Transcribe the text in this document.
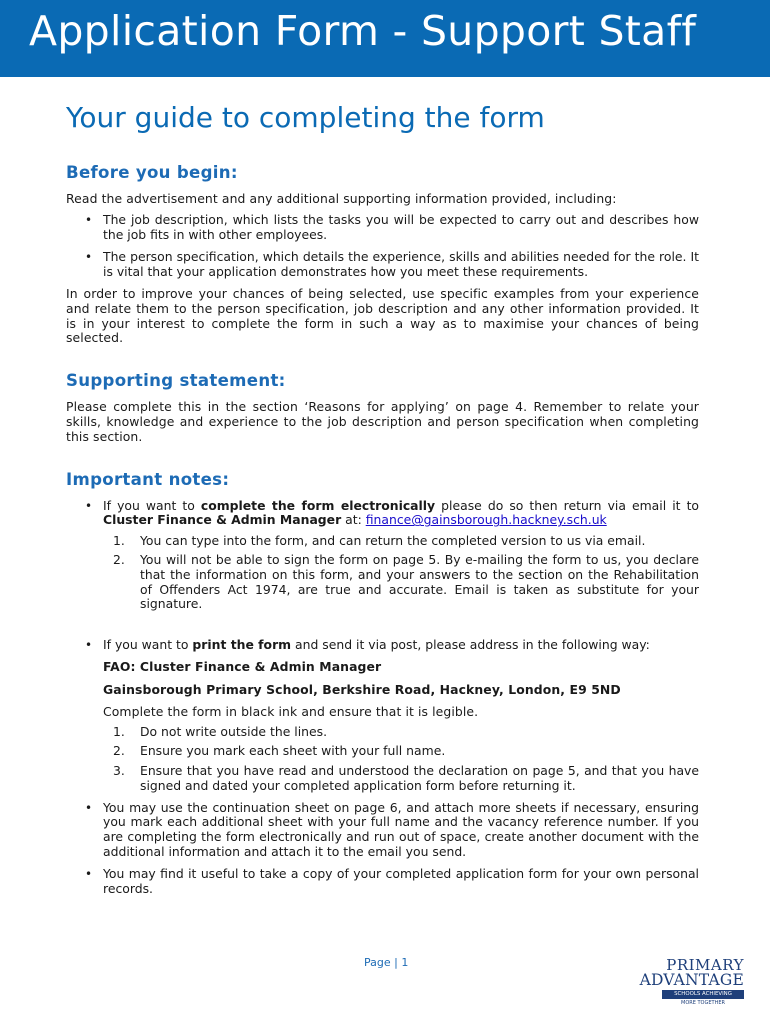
Application Form - Support Staff
Your guide to completing the form
Before you begin:

Read the advertisement and any additional supporting information provided, including:

• The job description, which lists the tasks you will be expected to carry out and describes how the job fits in with other employees.
• The person specification, which details the experience, skills and abilities needed for the role. It is vital that your application demonstrates how you meet these requirements.

In order to improve your chances of being selected, use specific examples from your experience and relate them to the person specification, job description and any other information provided. It is in your interest to complete the form in such a way as to maximise your chances of being selected.

Supporting statement:

Please complete this in the section ‘Reasons for applying’ on page 4. Remember to relate your skills, knowledge and experience to the job description and person specification when completing this section.

Important notes:
• If you want to complete the form electronically please do so then return via email it to Cluster Finance & Admin Manager at: finance@gainsborough.hackney.sch.uk
1. You can type into the form, and can return the completed version to us via email.
2. You will not be able to sign the form on page 5. By e-mailing the form to us, you declare that the information on this form, and your answers to the section on the Rehabilitation of Offenders Act 1974, are true and accurate. Email is taken as substitute for your signature.
• If you want to print the form and send it via post, please address in the following way:

FAO: Cluster Finance & Admin Manager

Gainsborough Primary School, Berkshire Road, Hackney, London, E9 5ND

Complete the form in black ink and ensure that it is legible.

1. Do not write outside the lines.
2. Ensure you mark each sheet with your full name.
3. Ensure that you have read and understood the declaration on page 5, and that you have signed and dated your completed application form before returning it.
• You may use the continuation sheet on page 6, and attach more sheets if necessary, ensuring you mark each additional sheet with your full name and the vacancy reference number. If you are completing the form electronically and run out of space, create another document with the additional information and attach it to the email you send.
• You may find it useful to take a copy of your completed application form for your own personal records.
Page | 1	PRIMARY
ADVANTAGE
SCHOOLS ACHIEVING
MORE TOGETHER
